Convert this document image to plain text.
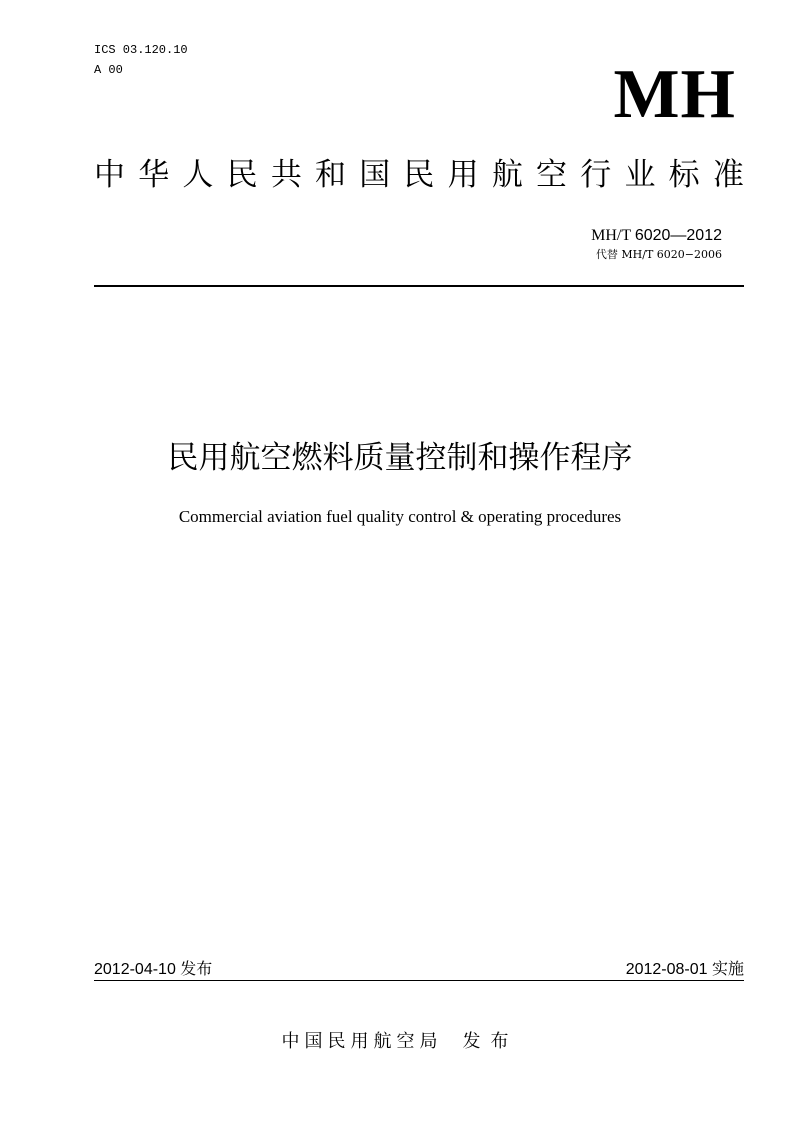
ICS 03.120.10
A 00	MH
中 华 人 民 共 和 国 民 用 航 空 行 业 标 准
MH/T 6020—2012
代替 MH/T 6020−2006
民用航空燃料质量控制和操作程序
Commercial aviation fuel quality control & operating procedures
2012-04-10 发布	2012-08-01 实施
中国民用航空局 发布
